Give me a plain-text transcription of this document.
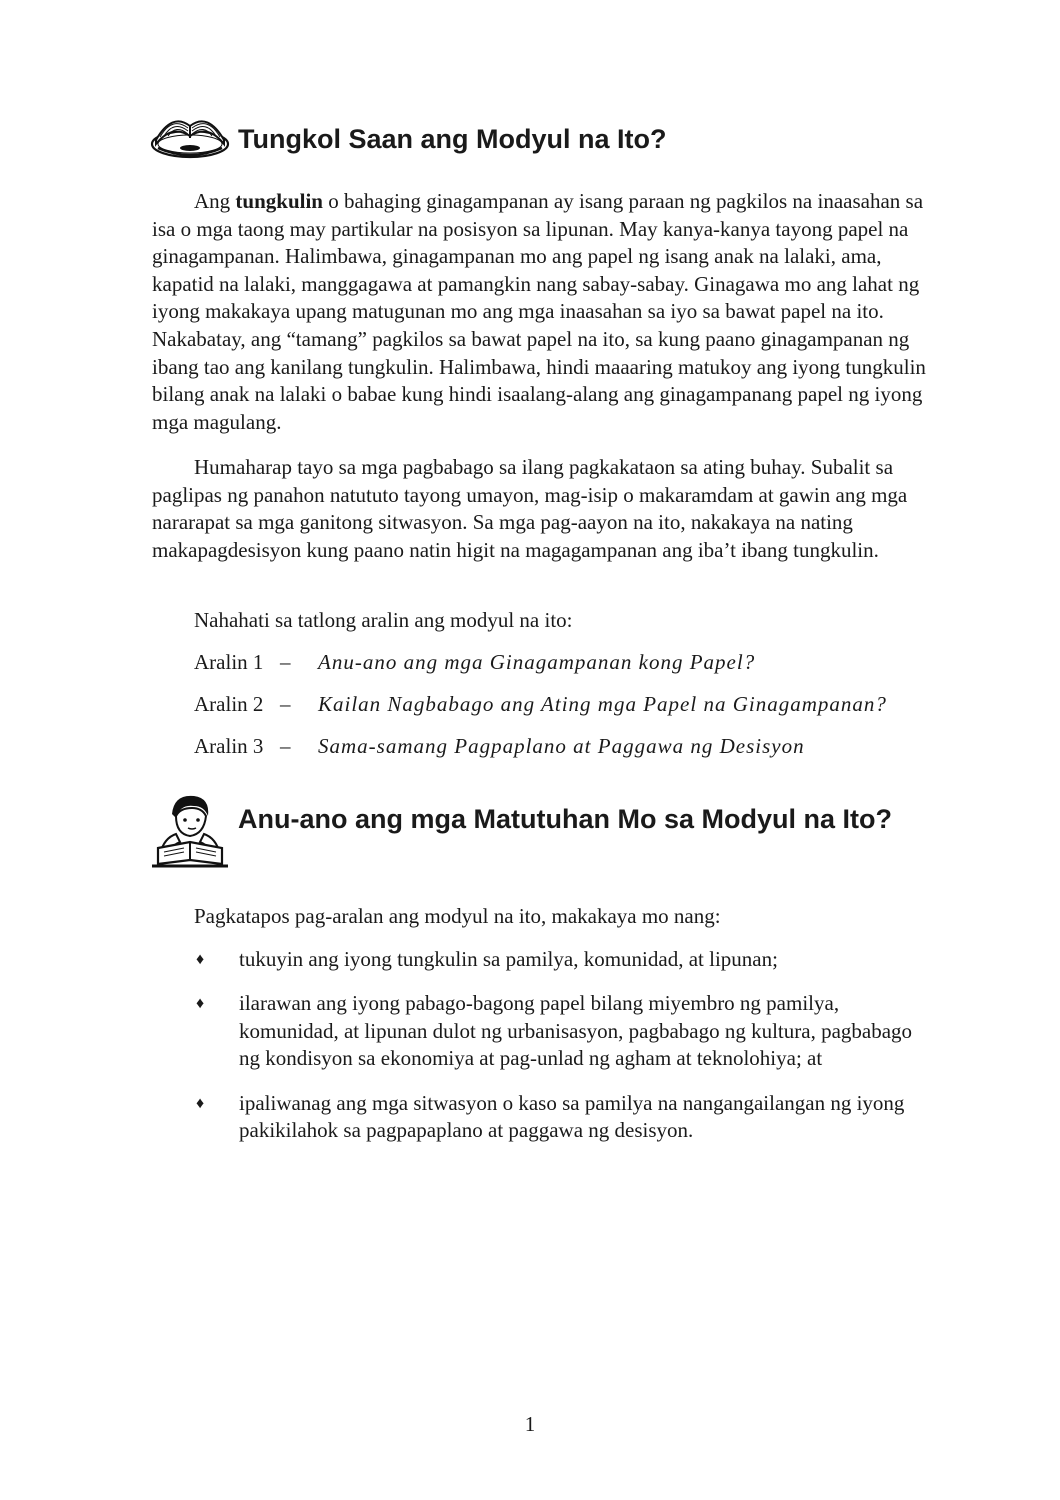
Tungkol Saan ang Modyul na Ito?

Ang tungkulin o bahaging ginagampanan ay isang paraan ng pagkilos na inaasahan sa isa o mga taong may partikular na posisyon sa lipunan. May kanya-kanya tayong papel na ginagampanan. Halimbawa, ginagampanan mo ang papel ng isang anak na lalaki, ama, kapatid na lalaki, manggagawa at pamangkin nang sabay-sabay. Ginagawa mo ang lahat ng iyong makakaya upang matugunan mo ang mga inaasahan sa iyo sa bawat papel na ito. Nakabatay, ang “tamang” pagkilos sa bawat papel na ito, sa kung paano ginagampanan ng ibang tao ang kanilang tungkulin. Halimbawa, hindi maaaring matukoy ang iyong tungkulin bilang anak na lalaki o babae kung hindi isaalang-alang ang ginagampanang papel ng iyong mga magulang.

Humaharap tayo sa mga pagbabago sa ilang pagkakataon sa ating buhay. Subalit sa paglipas ng panahon natututo tayong umayon, mag-isip o makaramdam at gawin ang mga nararapat sa mga ganitong sitwasyon. Sa mga pag-aayon na ito, nakakaya na nating makapagdesisyon kung paano natin higit na magagampanan ang iba’t ibang tungkulin.

Nahahati sa tatlong aralin ang modyul na ito:

Aralin 1 –	Anu-ano ang mga Ginagampanan kong Papel?
Aralin 2 –	Kailan Nagbabago ang Ating mga Papel na Ginagampanan?
Aralin 3 –	Sama-samang Pagpaplano at Paggawa ng Desisyon
Anu-ano ang mga Matutuhan Mo sa Modyul na Ito?

Pagkatapos pag-aralan ang modyul na ito, makakaya mo nang:

♦	tukuyin ang iyong tungkulin sa pamilya, komunidad, at lipunan;
♦	ilarawan ang iyong pabago-bagong papel bilang miyembro ng pamilya, komunidad, at lipunan dulot ng urbanisasyon, pagbabago ng kultura, pagbabago ng kondisyon sa ekonomiya at pag-unlad ng agham at teknolohiya; at
♦	ipaliwanag ang mga sitwasyon o kaso sa pamilya na nangangailangan ng iyong pakikilahok sa pagpapaplano at paggawa ng desisyon.
1
